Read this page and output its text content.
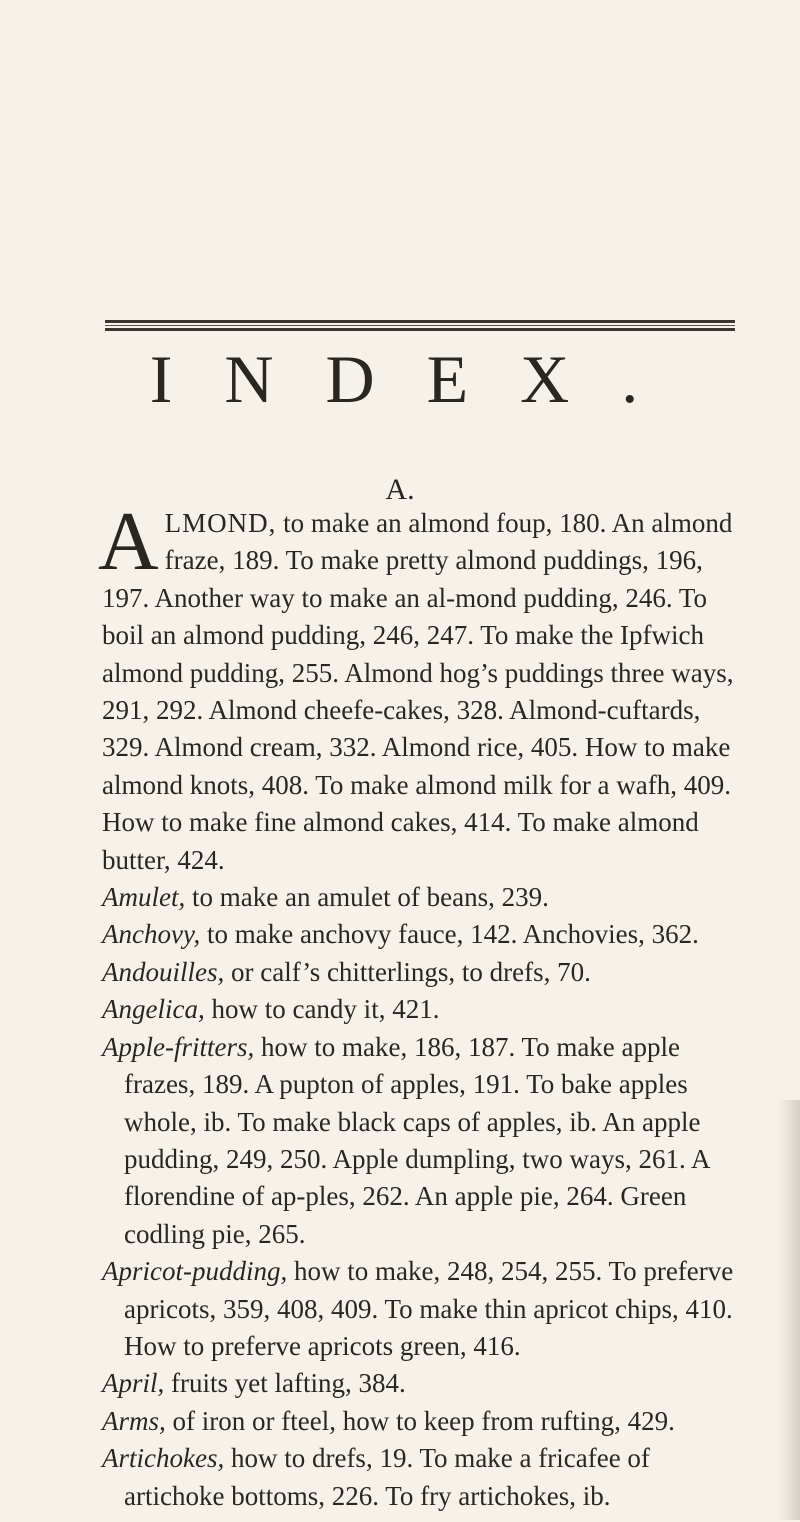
INDEX.
A.

ALMOND, to make an almond foup, 180. An almond fraze, 189. To make pretty almond puddings, 196, 197. Another way to make an al-mond pudding, 246. To boil an almond pudding, 246, 247. To make the Ipfwich almond pudding, 255. Almond hog’s puddings three ways, 291, 292. Almond cheefe-cakes, 328. Almond-cuftards, 329. Almond cream, 332. Almond rice, 405. How to make almond knots, 408. To make almond milk for a wafh, 409. How to make fine almond cakes, 414. To make almond butter, 424.

Amulet, to make an amulet of beans, 239.

Anchovy, to make anchovy fauce, 142. Anchovies, 362.

Andouilles, or calf’s chitterlings, to drefs, 70.

Angelica, how to candy it, 421.

Apple-fritters, how to make, 186, 187. To make apple frazes, 189. A pupton of apples, 191. To bake apples whole, ib. To make black caps of apples, ib. An apple pudding, 249, 250. Apple dumpling, two ways, 261. A florendine of ap-ples, 262. An apple pie, 264. Green codling pie, 265.

Apricot-pudding, how to make, 248, 254, 255. To preferve apricots, 359, 408, 409. To make thin apricot chips, 410. How to preferve apricots green, 416.

April, fruits yet lafting, 384.

Arms, of iron or fteel, how to keep from rufting, 429.

Artichokes, how to drefs, 19. To make a fricafee of artichoke bottoms, 226. To fry artichokes, ib.
